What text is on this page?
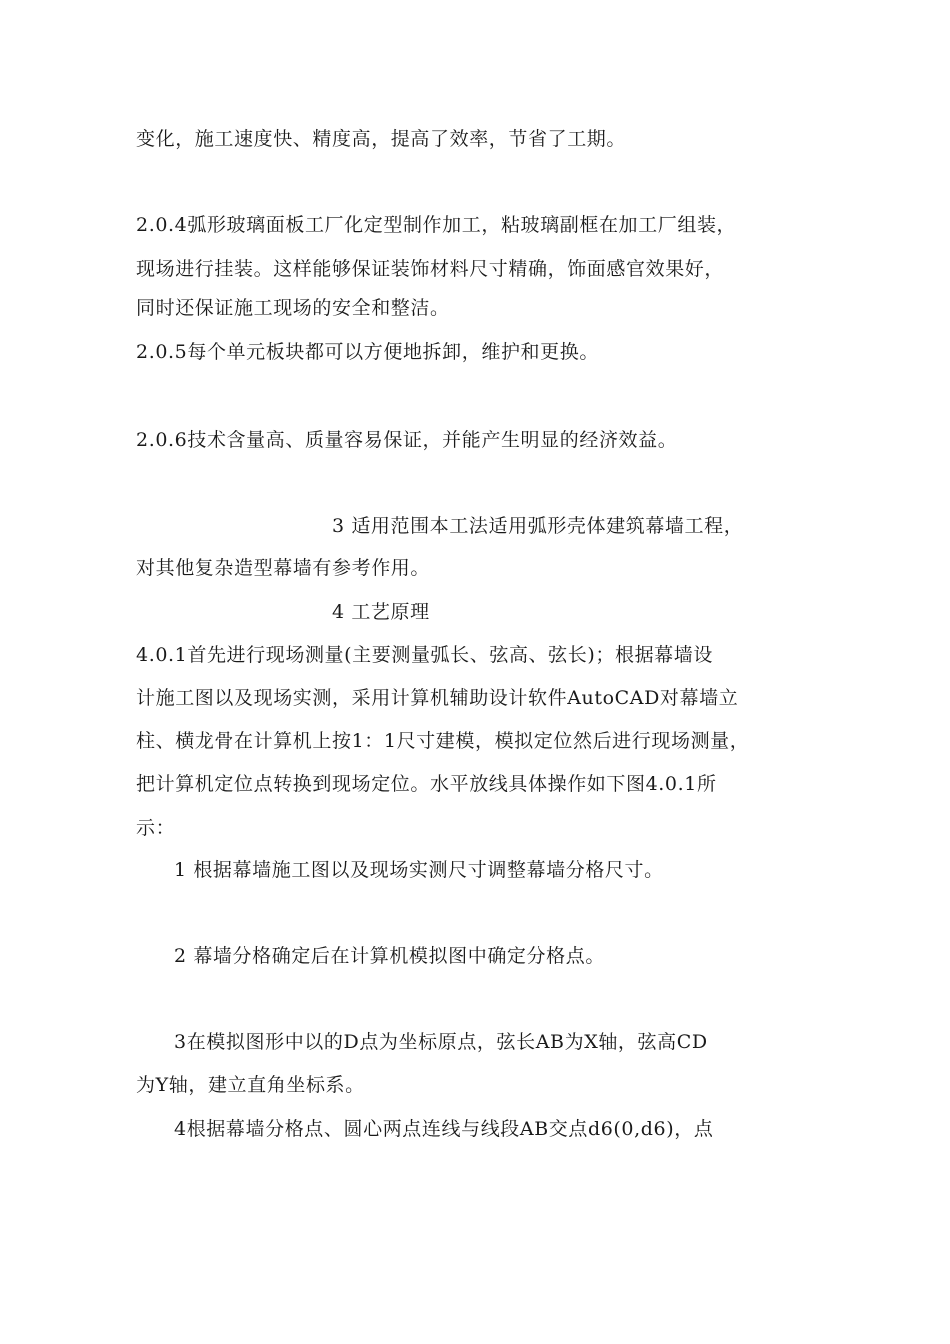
变化，施工速度快、精度高，提高了效率，节省了工期。
2.0.4弧形玻璃面板工厂化定型制作加工，粘玻璃副框在加工厂组装，
现场进行挂装。这样能够保证装饰材料尺寸精确，饰面感官效果好，
同时还保证施工现场的安全和整洁。
2.0.5每个单元板块都可以方便地拆卸，维护和更换。
2.0.6技术含量高、质量容易保证，并能产生明显的经济效益。
3 适用范围本工法适用弧形壳体建筑幕墙工程，
对其他复杂造型幕墙有参考作用。
4 工艺原理
4.0.1首先进行现场测量(主要测量弧长、弦高、弦长)；根据幕墙设
计施工图以及现场实测，采用计算机辅助设计软件AutoCAD对幕墙立
柱、横龙骨在计算机上按1：1尺寸建模，模拟定位然后进行现场测量，
把计算机定位点转换到现场定位。水平放线具体操作如下图4.0.1所
示：
1 根据幕墙施工图以及现场实测尺寸调整幕墙分格尺寸。
2 幕墙分格确定后在计算机模拟图中确定分格点。
3在模拟图形中以的D点为坐标原点，弦长AB为X轴，弦高CD
为Y轴，建立直角坐标系。
4根据幕墙分格点、圆心两点连线与线段AB交点d6(0,d6)，点
